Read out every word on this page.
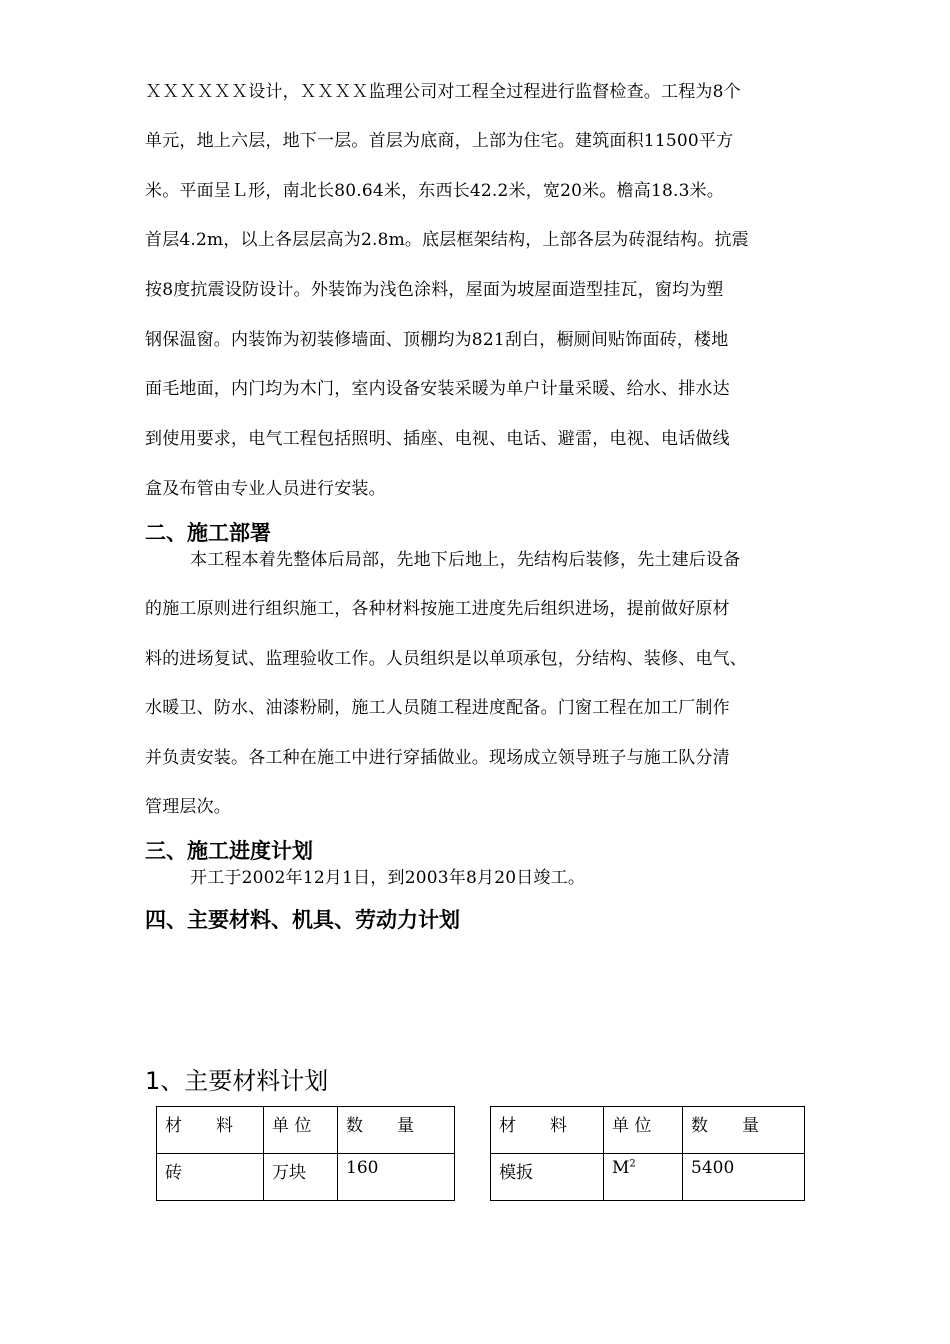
ＸＸＸＸＸＸ设计，ＸＸＸＸ监理公司对工程全过程进行监督检查。工程为8个
单元，地上六层，地下一层。首层为底商，上部为住宅。建筑面积11500平方
米。平面呈Ｌ形，南北长80.64米，东西长42.2米，宽20米。檐高18.3米。
首层4.2m，以上各层层高为2.8m。底层框架结构，上部各层为砖混结构。抗震
按8度抗震设防设计。外装饰为浅色涂料，屋面为坡屋面造型挂瓦，窗均为塑
钢保温窗。内装饰为初装修墙面、顶棚均为821刮白，橱厕间贴饰面砖，楼地
面毛地面，内门均为木门，室内设备安装采暖为单户计量采暖、给水、排水达
到使用要求，电气工程包括照明、插座、电视、电话、避雷，电视、电话做线
盒及布管由专业人员进行安装。
二、施工部署
本工程本着先整体后局部，先地下后地上，先结构后装修，先土建后设备
的施工原则进行组织施工，各种材料按施工进度先后组织进场，提前做好原材
料的进场复试、监理验收工作。人员组织是以单项承包，分结构、装修、电气、
水暖卫、防水、油漆粉刷，施工人员随工程进度配备。门窗工程在加工厂制作
并负责安装。各工种在施工中进行穿插做业。现场成立领导班子与施工队分清
管理层次。
三、施工进度计划
开工于2002年12月1日，到2003年8月20日竣工。
四、主要材料、机具、劳动力计划
1、主要材料计划
材　　料	单 位	数　　量
砖	万块	160
材　　料	单 位	数　　量
模扳	$M^2$	5400
